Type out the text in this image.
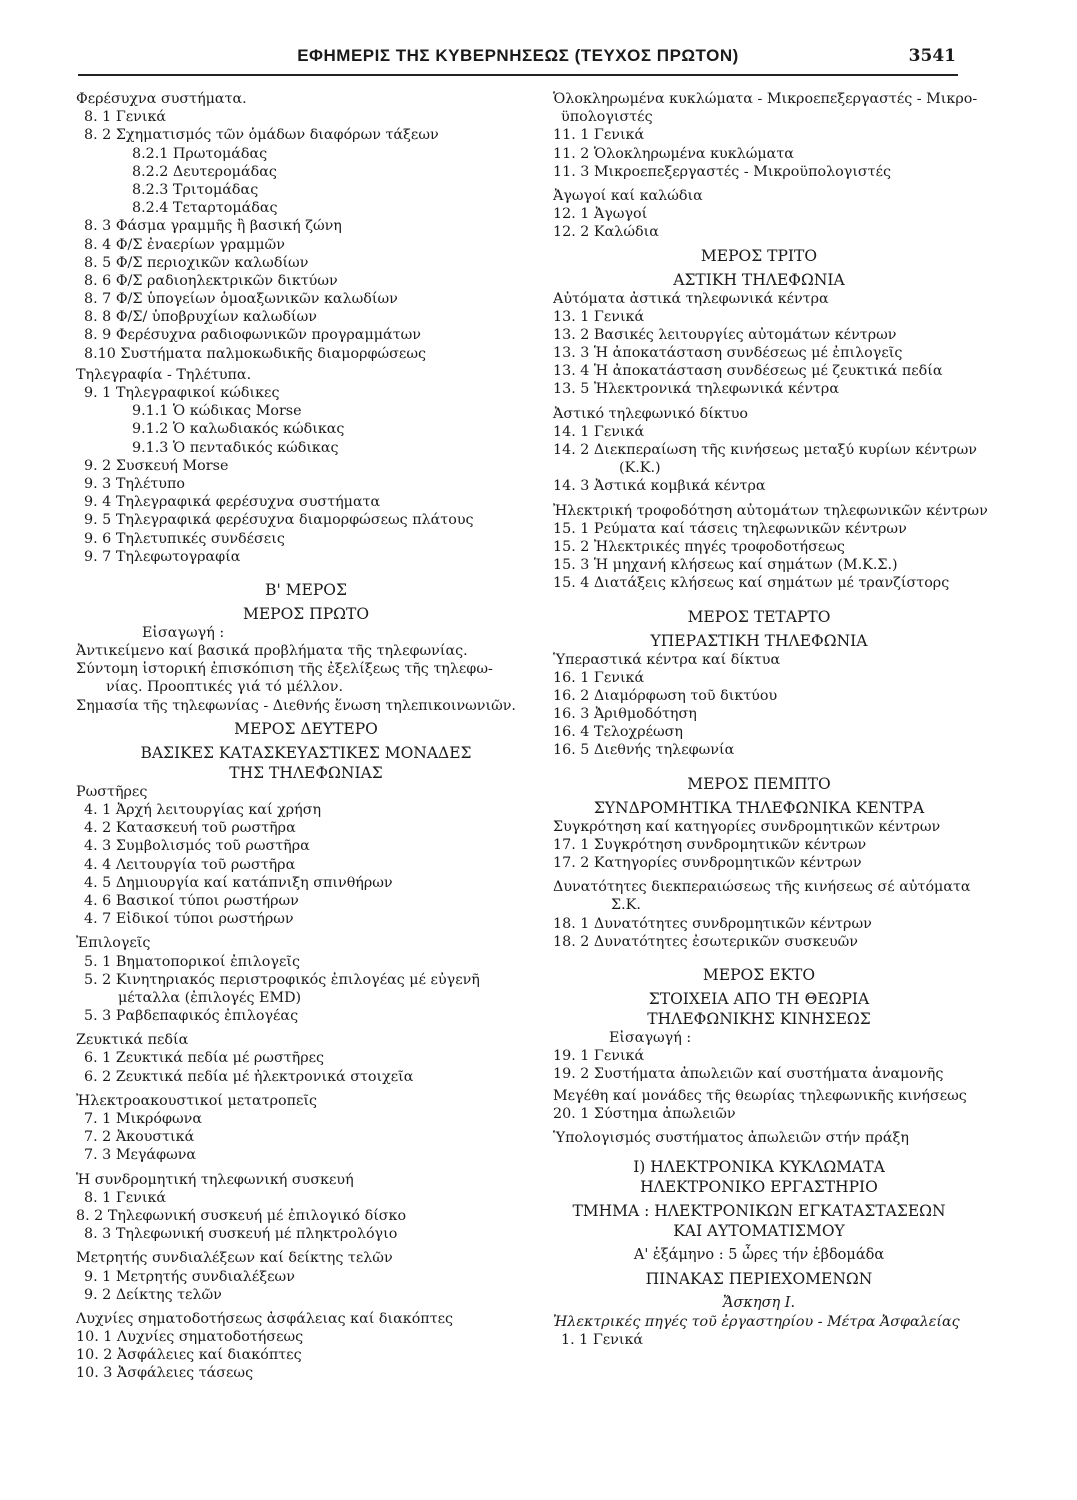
ΕΦΗΜΕΡΙΣ ΤΗΣ ΚΥΒΕΡΝΗΣΕΩΣ (ΤΕΥΧΟΣ ΠΡΩΤΟΝ)	3541
Φερέσυχνα συστήματα.
8. 1 Γενικά
8. 2 Σχηματισμός τῶν ὁμάδων διαφόρων τάξεων
8.2.1 Πρωτομάδας
8.2.2 Δευτερομάδας
8.2.3 Τριτομάδας
8.2.4 Τεταρτομάδας
8. 3 Φάσμα γραμμῆς ἢ βασική ζώνη
8. 4 Φ/Σ ἐναερίων γραμμῶν
8. 5 Φ/Σ περιοχικῶν καλωδίων
8. 6 Φ/Σ ραδιοηλεκτρικῶν δικτύων
8. 7 Φ/Σ ὑπογείων ὁμοαξωνικῶν καλωδίων
8. 8 Φ/Σ/ ὑποβρυχίων καλωδίων
8. 9 Φερέσυχνα ραδιοφωνικῶν προγραμμάτων
8.10 Συστήματα παλμοκωδικῆς διαμορφώσεως
Τηλεγραφία - Τηλέτυπα.
9. 1 Τηλεγραφικοί κώδικες
9.1.1 Ὁ κώδικας Morse
9.1.2 Ὁ καλωδιακός κώδικας
9.1.3 Ὁ πενταδικός κώδικας
9. 2 Συσκευή Morse
9. 3 Τηλέτυπο
9. 4 Τηλεγραφικά φερέσυχνα συστήματα
9. 5 Τηλεγραφικά φερέσυχνα διαμορφώσεως πλάτους
9. 6 Τηλετυπικές συνδέσεις
9. 7 Τηλεφωτογραφία
Β' ΜΕΡΟΣ
ΜΕΡΟΣ ΠΡΩΤΟ
Εἰσαγωγή :
Ἀντικείμενο καί βασικά προβλήματα τῆς τηλεφωνίας.
Σύντομη ἱστορική ἐπισκόπιση τῆς ἐξελίξεως τῆς τηλεφω-
νίας. Προοπτικές γιά τό μέλλον.
Σημασία τῆς τηλεφωνίας - Διεθνής ἕνωση τηλεπικοινωνιῶν.
ΜΕΡΟΣ ΔΕΥΤΕΡΟ
ΒΑΣΙΚΕΣ ΚΑΤΑΣΚΕΥΑΣΤΙΚΕΣ ΜΟΝΑΔΕΣ
ΤΗΣ ΤΗΛΕΦΩΝΙΑΣ
Ρωστῆρες
4. 1 Ἀρχή λειτουργίας καί χρήση
4. 2 Κατασκευή τοῦ ρωστῆρα
4. 3 Συμβολισμός τοῦ ρωστῆρα
4. 4 Λειτουργία τοῦ ρωστῆρα
4. 5 Δημιουργία καί κατάπνιξη σπινθήρων
4. 6 Βασικοί τύποι ρωστήρων
4. 7 Εἰδικοί τύποι ρωστήρων
Ἐπιλογεῖς
5. 1 Βηματοπορικοί ἐπιλογεῖς
5. 2 Κινητηριακός περιστροφικός ἐπιλογέας μέ εὐγενῆ
μέταλλα (ἐπιλογές EMD)
5. 3 Ραβδεπαφικός ἐπιλογέας
Ζευκτικά πεδία
6. 1 Ζευκτικά πεδία μέ ρωστῆρες
6. 2 Ζευκτικά πεδία μέ ἠλεκτρονικά στοιχεῖα
Ἠλεκτροακουστικοί μετατροπεῖς
7. 1 Μικρόφωνα
7. 2 Ἀκουστικά
7. 3 Μεγάφωνα
Ἡ συνδρομητική τηλεφωνική συσκευή
8. 1 Γενικά
8. 2 Τηλεφωνική συσκευή μέ ἐπιλογικό δίσκο
8. 3 Τηλεφωνική συσκευή μέ πληκτρολόγιο
Μετρητής συνδιαλέξεων καί δείκτης τελῶν
9. 1 Μετρητής συνδιαλέξεων
9. 2 Δείκτης τελῶν
Λυχνίες σηματοδοτήσεως ἀσφάλειας καί διακόπτες
10. 1 Λυχνίες σηματοδοτήσεως
10. 2 Ἀσφάλειες καί διακόπτες
10. 3 Ἀσφάλειες τάσεως
Ὁλοκληρωμένα κυκλώματα - Μικροεπεξεργαστές - Μικρο-
ϋπολογιστές
11. 1 Γενικά
11. 2 Ὁλοκληρωμένα κυκλώματα
11. 3 Μικροεπεξεργαστές - Μικροϋπολογιστές
Ἀγωγοί καί καλώδια
12. 1 Ἀγωγοί
12. 2 Καλώδια
ΜΕΡΟΣ ΤΡΙΤΟ
ΑΣΤΙΚΗ ΤΗΛΕΦΩΝΙΑ
Αὐτόματα ἀστικά τηλεφωνικά κέντρα
13. 1 Γενικά
13. 2 Βασικές λειτουργίες αὐτομάτων κέντρων
13. 3 Ἡ ἀποκατάσταση συνδέσεως μέ ἐπιλογεῖς
13. 4 Ἡ ἀποκατάσταση συνδέσεως μέ ζευκτικά πεδία
13. 5 Ἠλεκτρονικά τηλεφωνικά κέντρα
Ἀστικό τηλεφωνικό δίκτυο
14. 1 Γενικά
14. 2 Διεκπεραίωση τῆς κινήσεως μεταξύ κυρίων κέντρων
(Κ.Κ.)
14. 3 Ἀστικά κομβικά κέντρα
Ἠλεκτρική τροφοδότηση αὐτομάτων τηλεφωνικῶν κέντρων
15. 1 Ρεύματα καί τάσεις τηλεφωνικῶν κέντρων
15. 2 Ἠλεκτρικές πηγές τροφοδοτήσεως
15. 3 Ἡ μηχανή κλήσεως καί σημάτων (Μ.Κ.Σ.)
15. 4 Διατάξεις κλήσεως καί σημάτων μέ τρανζίστορς
ΜΕΡΟΣ ΤΕΤΑΡΤΟ
ΥΠΕΡΑΣΤΙΚΗ ΤΗΛΕΦΩΝΙΑ
Ὑπεραστικά κέντρα καί δίκτυα
16. 1 Γενικά
16. 2 Διαμόρφωση τοῦ δικτύου
16. 3 Ἀριθμοδότηση
16. 4 Τελοχρέωση
16. 5 Διεθνής τηλεφωνία
ΜΕΡΟΣ ΠΕΜΠΤΟ
ΣΥΝΔΡΟΜΗΤΙΚΑ ΤΗΛΕΦΩΝΙΚΑ ΚΕΝΤΡΑ
Συγκρότηση καί κατηγορίες συνδρομητικῶν κέντρων
17. 1 Συγκρότηση συνδρομητικῶν κέντρων
17. 2 Κατηγορίες συνδρομητικῶν κέντρων
Δυνατότητες διεκπεραιώσεως τῆς κινήσεως σέ αὐτόματα
Σ.Κ.
18. 1 Δυνατότητες συνδρομητικῶν κέντρων
18. 2 Δυνατότητες ἐσωτερικῶν συσκευῶν
ΜΕΡΟΣ ΕΚΤΟ
ΣΤΟΙΧΕΙΑ ΑΠΟ ΤΗ ΘΕΩΡΙΑ
ΤΗΛΕΦΩΝΙΚΗΣ ΚΙΝΗΣΕΩΣ
Εἰσαγωγή :
19. 1 Γενικά
19. 2 Συστήματα ἀπωλειῶν καί συστήματα ἀναμονῆς
Μεγέθη καί μονάδες τῆς θεωρίας τηλεφωνικῆς κινήσεως
20. 1 Σύστημα ἀπωλειῶν
Ὑπολογισμός συστήματος ἀπωλειῶν στήν πράξη
Ι) ΗΛΕΚΤΡΟΝΙΚΑ ΚΥΚΛΩΜΑΤΑ
ΗΛΕΚΤΡΟΝΙΚΟ ΕΡΓΑΣΤΗΡΙΟ
ΤΜΗΜΑ : ΗΛΕΚΤΡΟΝΙΚΩΝ ΕΓΚΑΤΑΣΤΑΣΕΩΝ
ΚΑΙ ΑΥΤΟΜΑΤΙΣΜΟΥ
Α' ἑξάμηνο : 5 ὧρες τήν ἑβδομάδα
ΠΙΝΑΚΑΣ ΠΕΡΙΕΧΟΜΕΝΩΝ
Ἄσκηση Ι.
Ἠλεκτρικές πηγές τοῦ ἐργαστηρίου - Μέτρα Ἀσφαλείας
1. 1 Γενικά
